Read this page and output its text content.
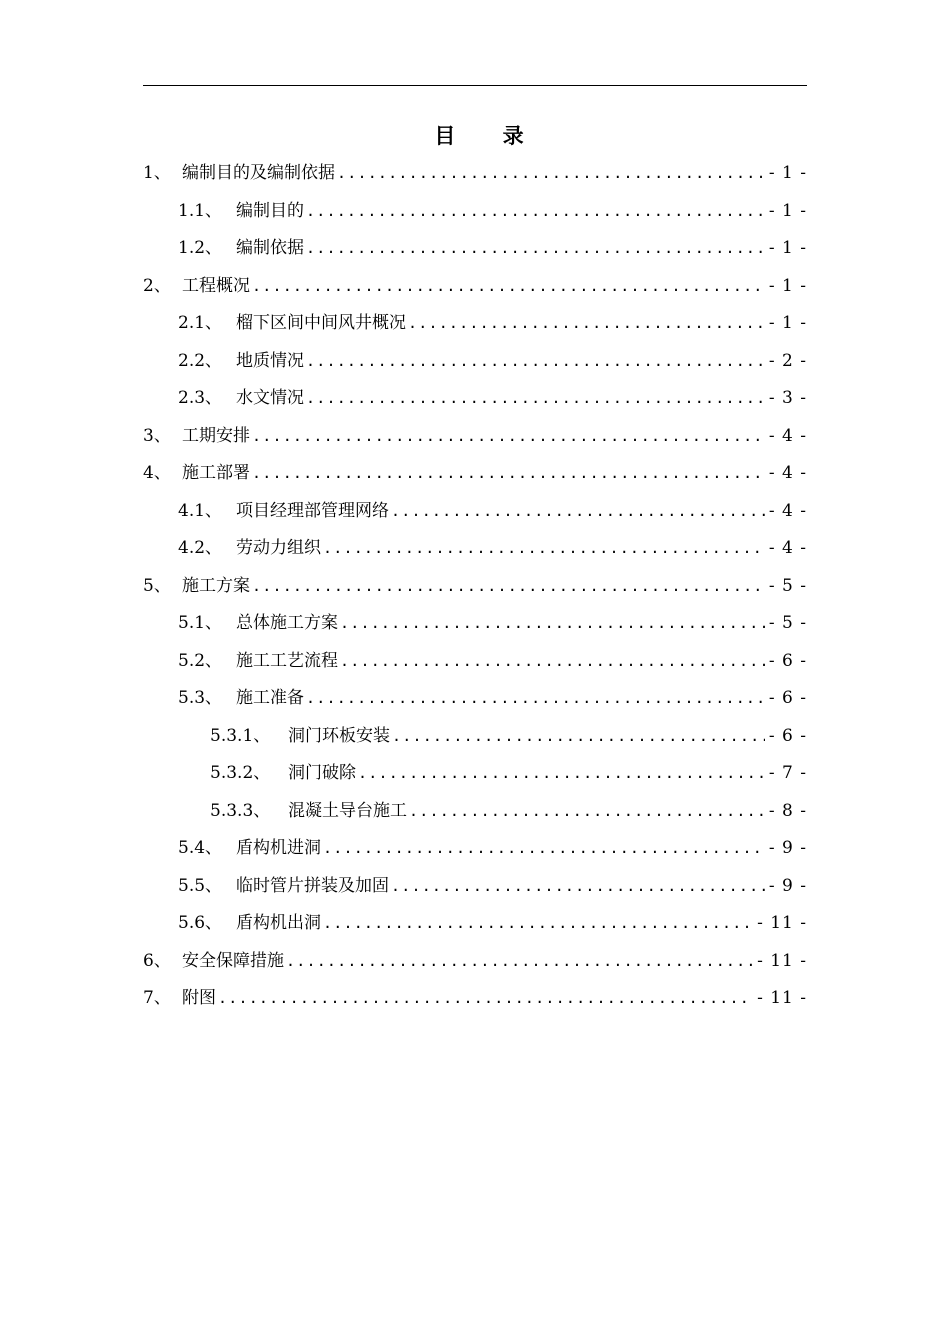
目 录
1、 编制目的及编制依据 .....	- 1 -
1.1、 编制目的 .....	- 1 -
1.2、 编制依据 .....	- 1 -
2、 工程概况 .....	- 1 -
2.1、 榴下区间中间风井概况 .....	- 1 -
2.2、 地质情况 .....	- 2 -
2.3、 水文情况 .....	- 3 -
3、 工期安排 .....	- 4 -
4、 施工部署 .....	- 4 -
4.1、 项目经理部管理网络 .....	- 4 -
4.2、 劳动力组织 .....	- 4 -
5、 施工方案 .....	- 5 -
5.1、 总体施工方案 .....	- 5 -
5.2、 施工工艺流程 .....	- 6 -
5.3、 施工准备 .....	- 6 -
5.3.1、	洞门环板安装 .....	- 6 -
5.3.2、	洞门破除 .....	- 7 -
5.3.3、	混凝土导台施工 .....	- 8 -
5.4、 盾构机进洞 .....	- 9 -
5.5、 临时管片拼装及加固 .....	- 9 -
5.6、 盾构机出洞 .....	- 11 -
6、 安全保障措施 .....	- 11 -
7、 附图 .....	- 11 -
